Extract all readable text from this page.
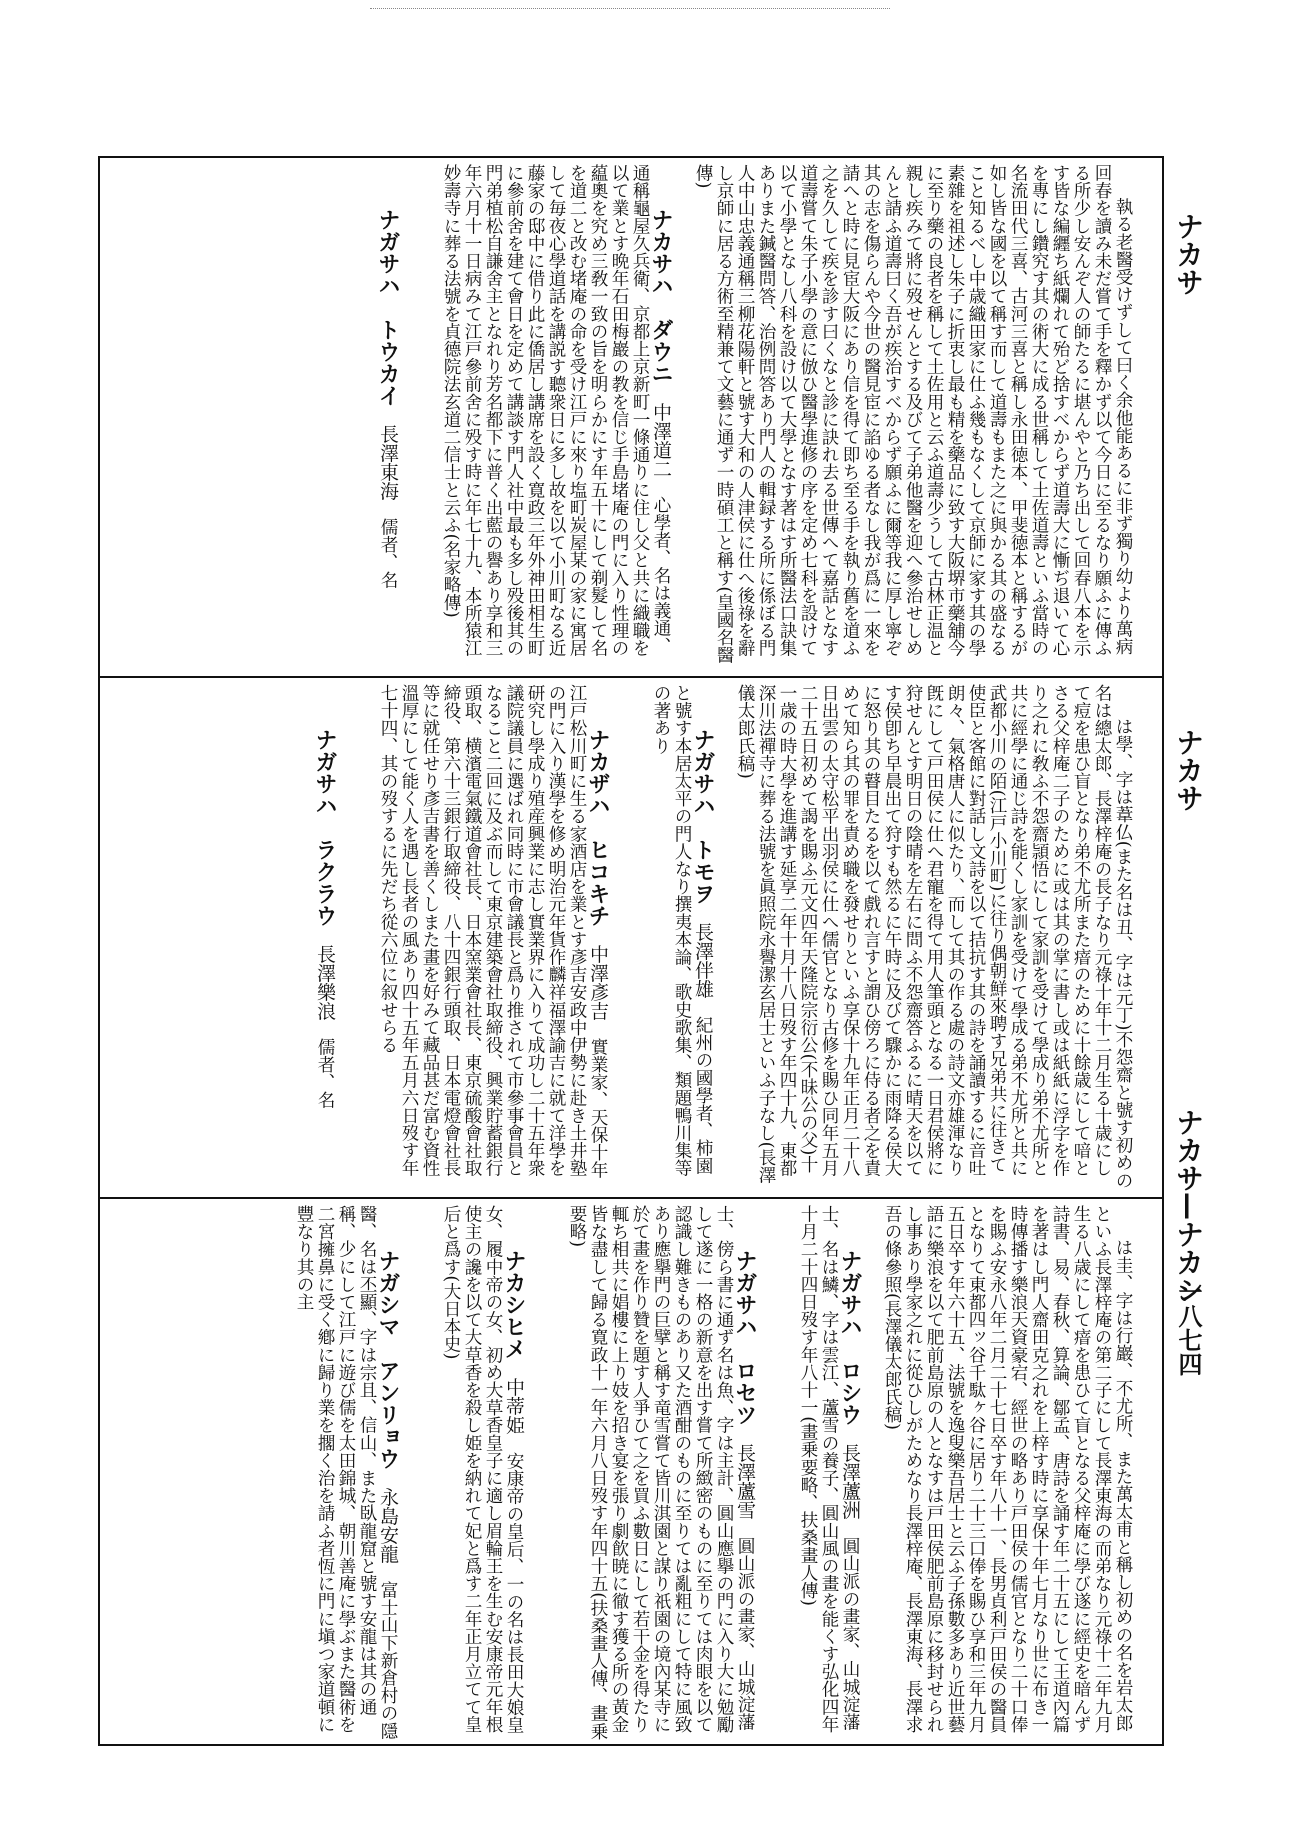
執る老醫受けずして曰く余他能あるに非ず獨り幼より萬病回春を讀み未だ嘗て手を釋かず以て今日に至るなり願ふに傳ふる所少し安んぞ人の師たるに堪んやと乃ち出して回春八本を示す皆な編纒ち紙爛れて殆ど捨すべからず道壽大に慚ぢ退いて心を專にし鑽究す其の術大に成る世稱して土佐道壽といふ當時の名流田代三喜、古河三喜と稱し永田徳本、甲斐徳本と稱するが如し皆な國を以て稱す而して道壽もまた之に與かる其の盛なること知るべし中歳織田家に仕ふ幾もなくして京師に家す其の學素雜を祖述し朱子に折衷し最も精を藥品に致す大阪堺市藥舖今に至り藥の良者を稱して土佐用と云ふ道壽少うして古林正温と親し疾みて將に歿せんとする及びて子弟他醫を迎へ參治せしめんと請ふ道壽曰く吾が疾治すべからず願ふに爾等我に厚し寧ぞ其の志を傷らんや今世の醫見宦に諂ゆる者なし我が爲に一來を請へと時に見宦大阪にあり信を得て即ち至る手を執り舊を道ふ之を久して疾を診す曰くなと診に訣れ去る世傳へて嘉話となす道壽嘗て朱子小學の意に倣ひ醫學進修の序を定め七科を設けて以て小學となし八科を設け以て大學となす著はす所醫法口訣集ありまた鍼醫問答、治例問答あり門人の輯録する所に係ぼる門人中山忠義通稱三柳花陽軒と號す大和の人津侯に仕へ後祿を辭し京師に居る方術至精兼て文藝に通ず一時碩工と稱す(皇國名醫傳)

ナカサハ　ダウニ　中澤道二　心學者、名は義通、通稱龜屋久兵衛、京都上京新町一條通りに住し父と共に織職を以て業とす晩年石田梅巖の教を信じ手島堵庵の門に入り性理の藴奧を究め三敎一致の旨を明らかにす年五十にして剃髮して名を道二と改む堵庵の命を受け江戸に來り塩町炭屋某の家に寓居して毎夜心學道話を講説す聽衆日に多し故を以て小川町なる近藤家の邸中に借り此に僑居し講席を設く寛政三年外神田相生町に參前舍を建て會日を定めて講談す門人社中最も多し殁後其の門弟植松自謙舍主となれり芳名都下に普く出藍の譽あり享和三年六月十一日病みて江戸參前舍に殁す時に年七十九、本所猿江妙壽寺に葬る法號を貞德院法玄道二信士と云ふ(名家略傳)

ナガサハ　トウカイ　長澤東海　儒者、名

は學、字は葦仏(また名は丑、字は元丁)不怨齋と號す初めの名は總太郎、長澤梓庵の長子なり元祿十年十二月生る十歳にして痘を患ひ盲となり弟不尤所また瘖のために十餘歳にして喑とさる父梓庵二子のために或は其の掌に書し或は紙紙に浮字を作り之れに敎ふ不怨齋頴悟にして家訓を受けて學成り弟不尤所と共に經學に通じ詩を能くし家訓を受けて學成る弟不尤所と共に武都小川の陌(江戸小川町)に往り偶朝鮮來聘す兄弟共に往きて使臣と客館に對話し文詩を以て拮抗す其の詩を誦讀するに音吐朗々、氣格唐人に似たり、而して其の作る處の詩文亦雄渾なり旣にして戸田侯に仕へ君寵を得て用人筆頭となる一日君侯將に狩せんとす明日の陰晴を左右に問ふ不怨齋答ふるに晴天を以てす侯卽ち早晨出て狩すも然るに午時に及びて驟かに雨降る侯大に怒り其の瞽目たるを以て戲れ言すと謂ひ傍ろに侍る者之を責めて知ら其の罪を責め職を發せりといふ享保十九年正月二十八日出雲の太守松平出羽侯に仕へ儒官となり古修を賜ひ同年五月二十五日初めて謁を賜ふ元文四年天隆院宗衍公(不昧公の父)十一歳の時大學を進講す延享二年十月十八日歿す年四十九、東都深川法禪寺に葬る法號を眞照院永譽潔玄居士といふ子なし(長澤儀太郎氏稿)

ナガサハ　トモヲ　長澤伴雄　紀州の國學者、柿園と號す本居太平の門人なり撰夷本論、歌史歌集、類題鴨川集等の著あり

ナカザハ　ヒコキチ　中澤彥吉　實業家、天保十年江戸松川町に生る家酒店を業とす彥吉安政中伊勢に赴き土井塾の門に入り漢學を修め明治元年貨作麟祥福澤諭吉に就て洋學を研究し學成り殖産興業に志し實業界に入りて成功し二十五年衆議院議員に選ばれ同時に市會議長と爲り推されて市參事會員となること二回に及ぶ而して東京建築會社取締役、興業貯蓄銀行頭取、横濱電氣鐵道會社長、日本窯業會社長、東京硫酸會社取締役、第六十三銀行取締役、八十四銀行頭取、日本電燈會社長等に就任せり彥吉書を善くしまた畫を好みて藏品甚だ富む資性溫厚にして能く人を遇し長者の風あり四十五年五月六日歿す年七十四、其の歿するに先だち從六位に叙せらる

ナガサハ　ラクラウ　長澤樂浪　儒者、名

は圭、字は行巖、不尤所、また萬太甫と稱し初めの名を岩太郎といふ長澤梓庵の第二子にして長澤東海の而弟なり元祿十二年九月生る八歳にして瘖を患ひて盲となる父梓庵に學び遂に經史を暗んず詩書、易、春秋、算論、鄒孟、唐詩を誦す年二十五にして王道內篇を著はし門人齋田克之れを上梓す時に享保十年七月なり世に布き一時傳播す樂浪天資豪宕、經世の略あり戸田侯の儒官となり二十口俸を賜ふ安永八年二月二十七日卒す年八十一、長男貞利戸田侯の醫員となりて東都四ッ谷千駄ヶ谷に居り二十三口俸を賜ひ享和三年九月五日卒す年六十五、法號を逸叟樂吾居士と云ふ子孫數多あり近世藝語に樂浪を以て肥前島原の人となすは戸田侯肥前島原に移封せられし事あり學家之れに從ひしがためなり長澤梓庵、長澤東海、長澤求吾の條參照(長澤儀太郎氏稿)

ナガサハ　ロシウ　長澤蘆洲　圓山派の畫家、山城淀藩士、名は鱗、字は雲江、蘆雪の養子、圓山風の畫を能くす弘化四年十月二十四日歿す年八十一(畫乗要略、扶桑畫人傳)

ナガサハ　ロセツ　長澤蘆雪　圓山派の畫家、山城淀藩士、傍ら書に通ず名は魚、字は主計、圓山應擧の門に入り大に勉勵して遂に一格の新意を出す嘗て所緻密のものに至りては肉眼を以て認識し難きものあり又た酒酣のものに至りては亂粗にして特に風致あり應擧門の巨擘と稱す竜雪嘗て皆川淇園と謀り祇園の境內某寺に於て畫を作り贊を題す人爭ひて之を買ふ數日にして若干金を得たり輒ち相共に娼樓に上り妓を招き宴を張り劇飮暁に徹す獲る所の黃金皆な盡して歸る寛政十一年六月八日歿す年四十五(扶桑畫人傳、畫乗要略)

ナカシヒメ　中蒂姫　安康帝の皇后、一の名は長田大娘皇女、履中帝の女、初め大草香皇子に適し眉輪王を生む安康帝元年根使主の讒を以て大草香を殺し姫を納れて妃と爲す二年正月立てて皇后と爲す(大日本史)

ナガシマ　アンリョウ　永島安龍　富士山下新倉村の隱醫、名は丕顯、字は宗且、信山、また臥龍窟と號す安龍は其の通稱、少にして江戸に遊び儒を太田錦城、朝川善庵に學ぶまた醫術を二宮擁鼻に受く鄕に歸り業を擱く治を請ふ者恆に門に塡つ家道頓に豐なり其の主

ナカサ
ナカサ
ナカサ—ナカシ
一八七四
